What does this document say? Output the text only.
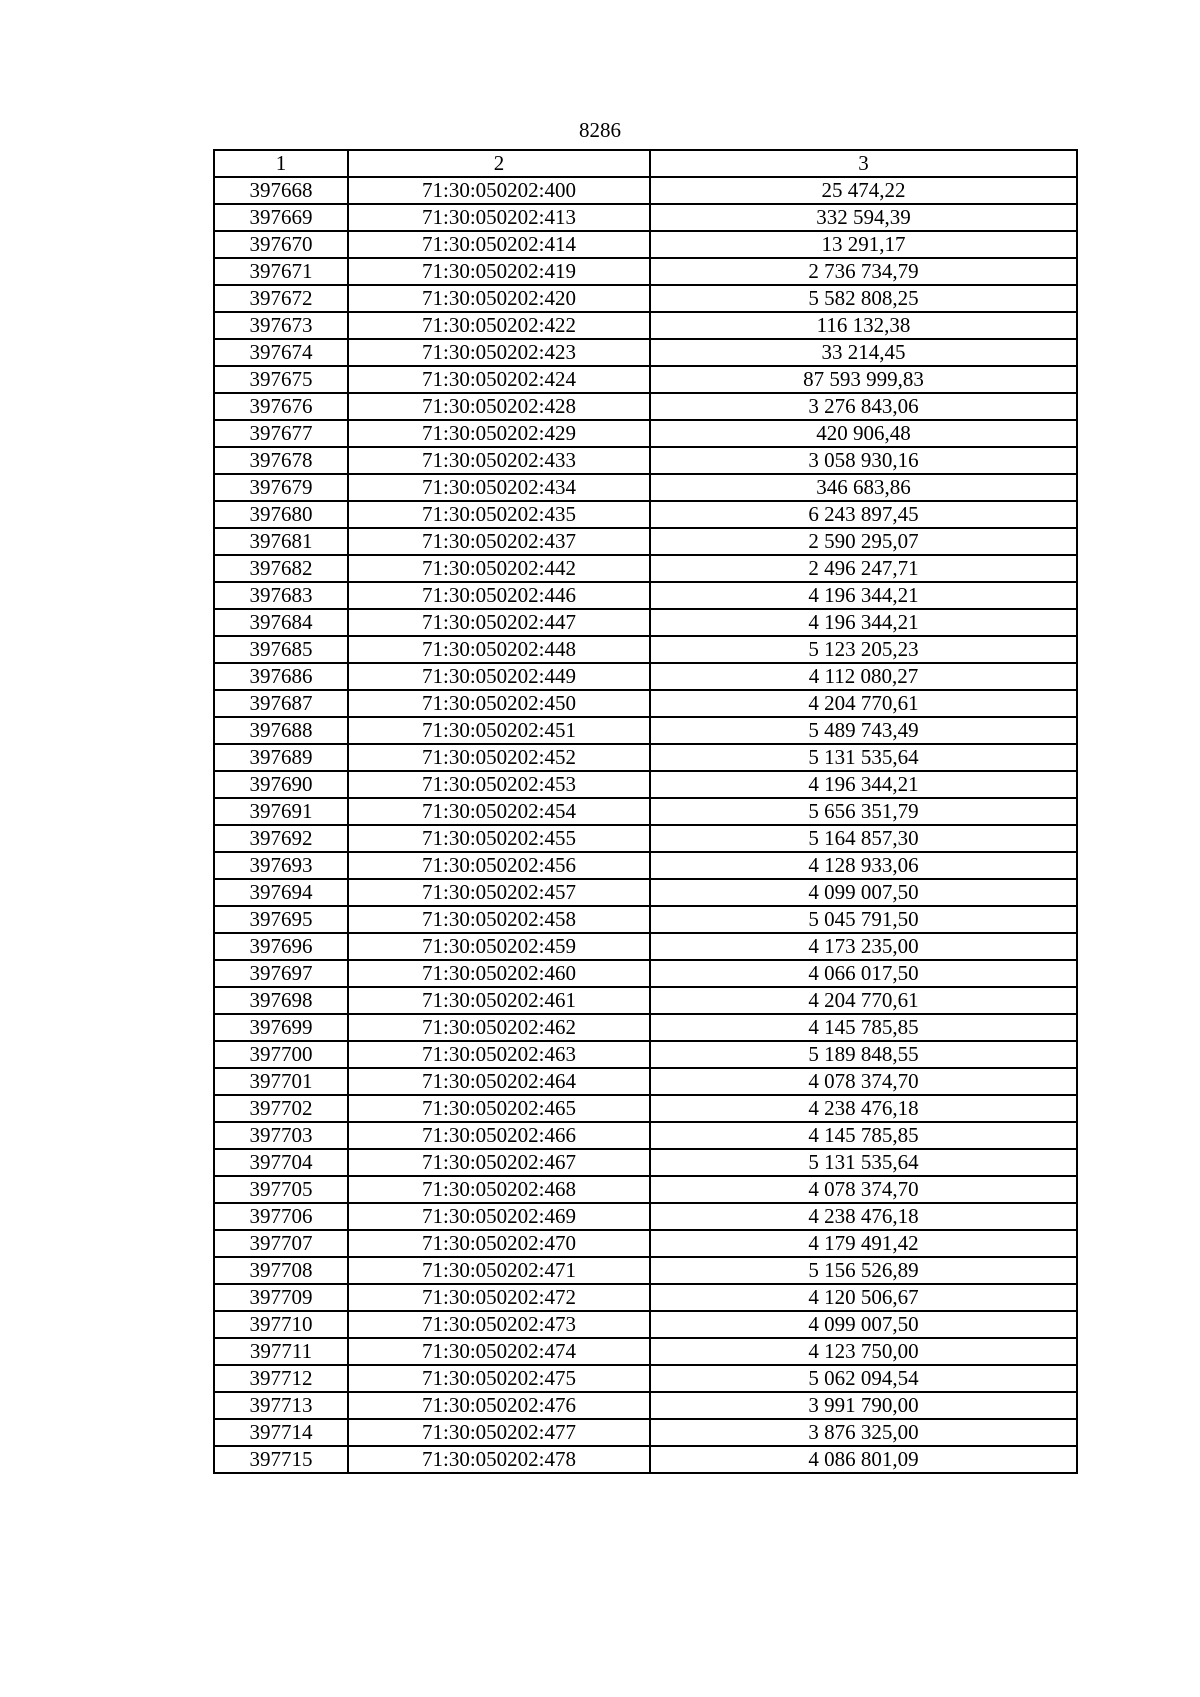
8286
1	2	3
397668	71:30:050202:400	25 474,22
397669	71:30:050202:413	332 594,39
397670	71:30:050202:414	13 291,17
397671	71:30:050202:419	2 736 734,79
397672	71:30:050202:420	5 582 808,25
397673	71:30:050202:422	116 132,38
397674	71:30:050202:423	33 214,45
397675	71:30:050202:424	87 593 999,83
397676	71:30:050202:428	3 276 843,06
397677	71:30:050202:429	420 906,48
397678	71:30:050202:433	3 058 930,16
397679	71:30:050202:434	346 683,86
397680	71:30:050202:435	6 243 897,45
397681	71:30:050202:437	2 590 295,07
397682	71:30:050202:442	2 496 247,71
397683	71:30:050202:446	4 196 344,21
397684	71:30:050202:447	4 196 344,21
397685	71:30:050202:448	5 123 205,23
397686	71:30:050202:449	4 112 080,27
397687	71:30:050202:450	4 204 770,61
397688	71:30:050202:451	5 489 743,49
397689	71:30:050202:452	5 131 535,64
397690	71:30:050202:453	4 196 344,21
397691	71:30:050202:454	5 656 351,79
397692	71:30:050202:455	5 164 857,30
397693	71:30:050202:456	4 128 933,06
397694	71:30:050202:457	4 099 007,50
397695	71:30:050202:458	5 045 791,50
397696	71:30:050202:459	4 173 235,00
397697	71:30:050202:460	4 066 017,50
397698	71:30:050202:461	4 204 770,61
397699	71:30:050202:462	4 145 785,85
397700	71:30:050202:463	5 189 848,55
397701	71:30:050202:464	4 078 374,70
397702	71:30:050202:465	4 238 476,18
397703	71:30:050202:466	4 145 785,85
397704	71:30:050202:467	5 131 535,64
397705	71:30:050202:468	4 078 374,70
397706	71:30:050202:469	4 238 476,18
397707	71:30:050202:470	4 179 491,42
397708	71:30:050202:471	5 156 526,89
397709	71:30:050202:472	4 120 506,67
397710	71:30:050202:473	4 099 007,50
397711	71:30:050202:474	4 123 750,00
397712	71:30:050202:475	5 062 094,54
397713	71:30:050202:476	3 991 790,00
397714	71:30:050202:477	3 876 325,00
397715	71:30:050202:478	4 086 801,09
